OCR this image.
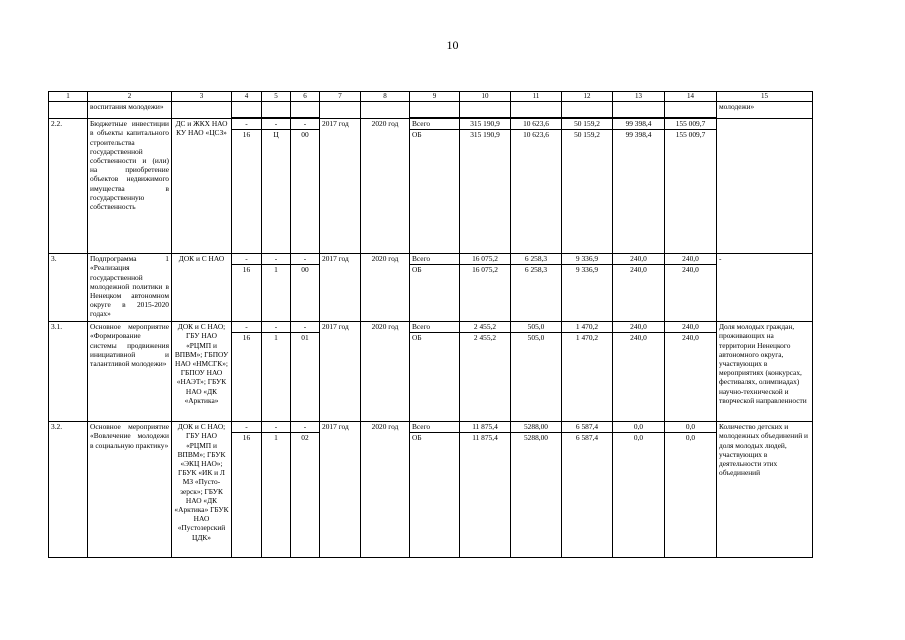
10
1	2	3	4	5	6	7	8	9	10	11	12	13	14	15
	воспитания молодежи»													молодежи»

2.2.	Бюджетные инвестиции в объекты капитального строительства государственной собственности и (или) на приобретение объектов недвижимого имущества в государственную собственность	ДС и ЖКХ НАО КУ НАО «ЦСЗ»	-	-	-	2017 год	2020 год	Всего	315 190,9	10 623,6	50 159,2	99 398,4	155 009,7	
			16	Ц	00			ОБ	315 190,9	10 623,6	50 159,2	99 398,4	155 009,7	
3.	Подпрограмма 1 «Реализация государственной молодежной политики в Ненецком автономном округе в 2015-2020 годах»	ДОК и С НАО	-	-	-	2017 год	2020 год	Всего	16 075,2	6 258,3	9 336,9	240,0	240,0	-
			16	1	00			ОБ	16 075,2	6 258,3	9 336,9	240,0	240,0	
3.1.	Основное мероприятие «Формирование системы продвижения инициативной и талантливой молодежи»	ДОК и С НАО; ГБУ НАО «РЦМП и ВПВМ»; ГБПОУ НАО «НМСГК»; ГБПОУ НАО «НАЭТ»; ГБУК НАО «ДК «Арктика»	-	-	-	2017 год	2020 год	Всего	2 455,2	505,0	1 470,2	240,0	240,0	Доля молодых граждан, проживающих на территории Ненецкого автономного округа, участвующих в мероприятиях (конкурсах, фестивалях, олимпиадах) научно-технической и творческой направленности
			16	1	01			ОБ	2 455,2	505,0	1 470,2	240,0	240,0	
3.2.	Основное мероприятие «Вовлечение молодежи в социальную практику»	ДОК и С НАО; ГБУ НАО «РЦМП и ВПВМ»; ГБУК «ЭКЦ НАО»; ГБУК «ИК и Л МЗ «Пусто-зерск»; ГБУК НАО «ДК «Арктика» ГБУК НАО «Пустозерский ЦДК»	-	-	-	2017 год	2020 год	Всего	11 875,4	5288,00	6 587,4	0,0	0,0	Количество детских и молодежных объединений и доля молодых людей, участвующих в деятельности этих объединений
			16	1	02			ОБ	11 875,4	5288,00	6 587,4	0,0	0,0	
